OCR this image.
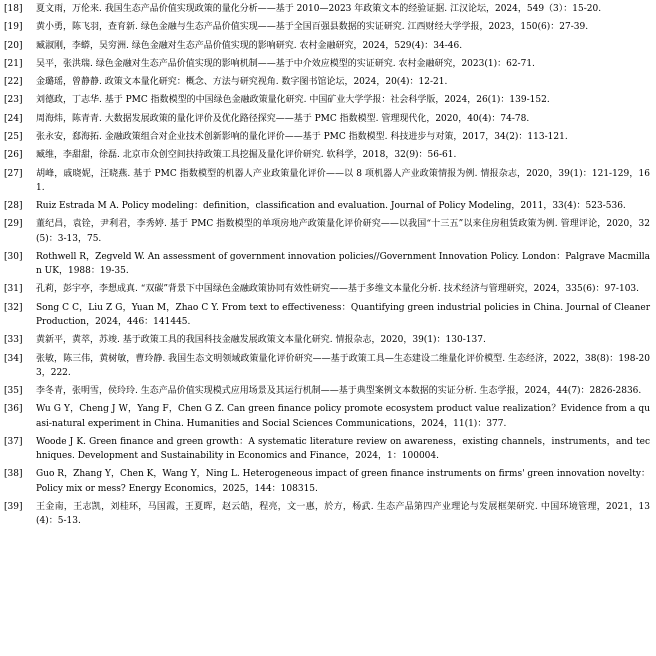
[18]	夏文雨，万伦来. 我国生态产品价值实现政策的量化分析——基于 2010—2023 年政策文本的经验证据. 江汉论坛，2024，549（3）：15-20.
[19]	黄小勇，陈飞羽，查育新. 绿色金融与生态产品价值实现——基于全国百强县数据的实证研究. 江西财经大学学报，2023，150(6)：27-39.
[20]	臧淑刚，李蟒，吴穷洲. 绿色金融对生态产品价值实现的影响研究. 农村金融研究，2024，529(4)：34-46.
[21]	吴平，张洪瑞. 绿色金融对生态产品价值实现的影响机制——基于中介效应模型的实证研究. 农村金融研究，2023(1)：62-71.
[22]	金璐瑶，曾静静. 政策文本量化研究：概念、方法与研究视角. 数字图书馆论坛，2024，20(4)：12-21.
[23]	刘德政，丁志华. 基于 PMC 指数模型的中国绿色金融政策量化研究. 中国矿业大学学报：社会科学版，2024，26(1)：139-152.
[24]	周海炜，陈青青. 大数据发展政策的量化评价及优化路径探究——基于 PMC 指数模型. 管理现代化，2020，40(4)：74-78.
[25]	张永安，郄海拓. 金融政策组合对企业技术创新影响的量化评价——基于 PMC 指数模型. 科技进步与对策，2017，34(2)：113-121.
[26]	臧维，李甜甜，徐磊. 北京市众创空间扶持政策工具挖掘及量化评价研究. 软科学，2018，32(9)：56-61.
[27]	胡峰，戚晓妮，汪晓燕. 基于 PMC 指数模型的机器人产业政策量化评价——以 8 项机器人产业政策情报为例. 情报杂志，2020，39(1)：121-129，161.
[28]	Ruiz Estrada M A. Policy modeling：definition，classification and evaluation. Journal of Policy Modeling，2011，33(4)：523-536.
[29]	董纪昌，袁铨，尹利君，李秀婷. 基于 PMC 指数模型的单项房地产政策量化评价研究——以我国“十三五”以来住房租赁政策为例. 管理评论，2020，32(5)：3-13，75.
[30]	Rothwell R，Zegveld W. An assessment of government innovation policies//Government Innovation Policy. London：Palgrave Macmillan UK，1988：19-35.
[31]	孔莉，彭宇亭，李想成真. “双碳”背景下中国绿色金融政策协同有效性研究——基于多维文本量化分析. 技术经济与管理研究，2024，335(6)：97-103.
[32]	Song C C，Liu Z G，Yuan M，Zhao C Y. From text to effectiveness：Quantifying green industrial policies in China. Journal of Cleaner Production，2024，446：141445.
[33]	黄新平，黄萃，苏竣. 基于政策工具的我国科技金融发展政策文本量化研究. 情报杂志，2020，39(1)：130-137.
[34]	张敏，陈三伟，黄树敏，曹玲静. 我国生态文明领域政策量化评价研究——基于政策工具—生态建设二维量化评价模型. 生态经济，2022，38(8)：198-203，222.
[35]	李冬青，张明雪，侯玲玲. 生态产品价值实现模式应用场景及其运行机制——基于典型案例文本数据的实证分析. 生态学报，2024，44(7)：2826-2836.
[36]	Wu G Y，Cheng J W，Yang F，Chen G Z. Can green finance policy promote ecosystem product value realization？Evidence from a quasi-natural experiment in China. Humanities and Social Sciences Communications，2024，11(1)：377.
[37]	Woode J K. Green finance and green growth：A systematic literature review on awareness，existing channels，instruments，and techniques. Development and Sustainability in Economics and Finance，2024，1：100004.
[38]	Guo R，Zhang Y，Chen K，Wang Y，Ning L. Heterogeneous impact of green finance instruments on firms' green innovation novelty：Policy mix or mess? Energy Economics，2025，144：108315.
[39]	王金南，王志凯，刘桂环，马国霞，王夏晖，赵云皓，程亮，文一惠，於方，杨武. 生态产品第四产业理论与发展框架研究. 中国环境管理，2021，13(4)：5-13.
